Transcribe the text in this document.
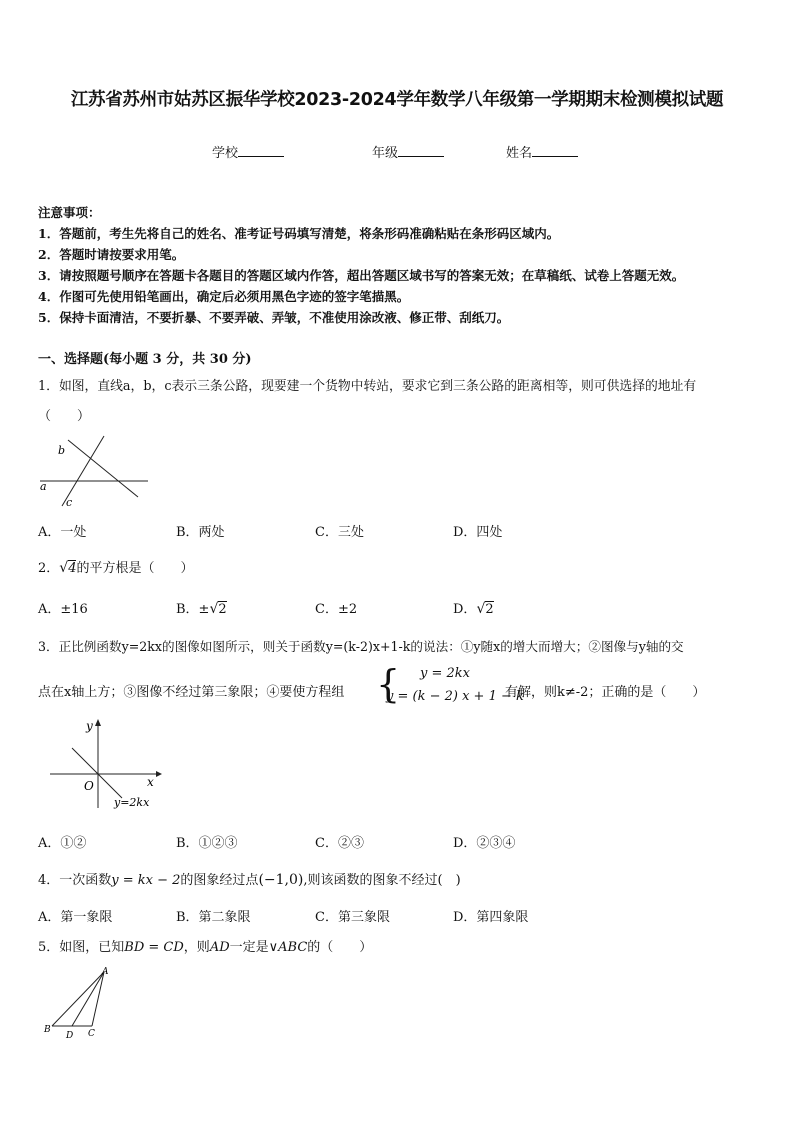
江苏省苏州市姑苏区振华学校2023-2024学年数学八年级第一学期期末检测模拟试题
学校	年级	姓名
注意事项：
1．答题前，考生先将自己的姓名、准考证号码填写清楚，将条形码准确粘贴在条形码区域内。
2．答题时请按要求用笔。
3．请按照题号顺序在答题卡各题目的答题区域内作答，超出答题区域书写的答案无效；在草稿纸、试卷上答题无效。
4．作图可先使用铅笔画出，确定后必须用黑色字迹的签字笔描黑。
5．保持卡面清洁，不要折暴、不要弄破、弄皱，不准使用涂改液、修正带、刮纸刀。
一、选择题(每小题 3 分，共 30 分)
1．如图，直线a，b，c表示三条公路，现要建一个货物中转站，要求它到三条公路的距离相等，则可供选择的地址有
（　　）
a
b
c
A．一处	B．两处	C．三处	D．四处
2．√4的平方根是（　　）
A．±16	B．±√2	C．±2	D．√2
3．正比例函数y=2kx的图像如图所示，则关于函数y=(k-2)x+1-k的说法：①y随x的增大而增大；②图像与y轴的交
点在x轴上方；③图像不经过第三象限；④要使方程组 { y = 2kx
y = (k − 2) x + 1 − k
有解，则k≠-2；正确的是（　　）
y
x
O
y=2kx
A．①②	B．①②③	C．②③	D．②③④
4．一次函数y = kx − 2的图象经过点(−1,0),则该函数的图象不经过(　)
A．第一象限	B．第二象限	C．第三象限	D．第四象限
5．如图，已知BD = CD，则AD一定是∨ABC的（　　）
A
B
D C
